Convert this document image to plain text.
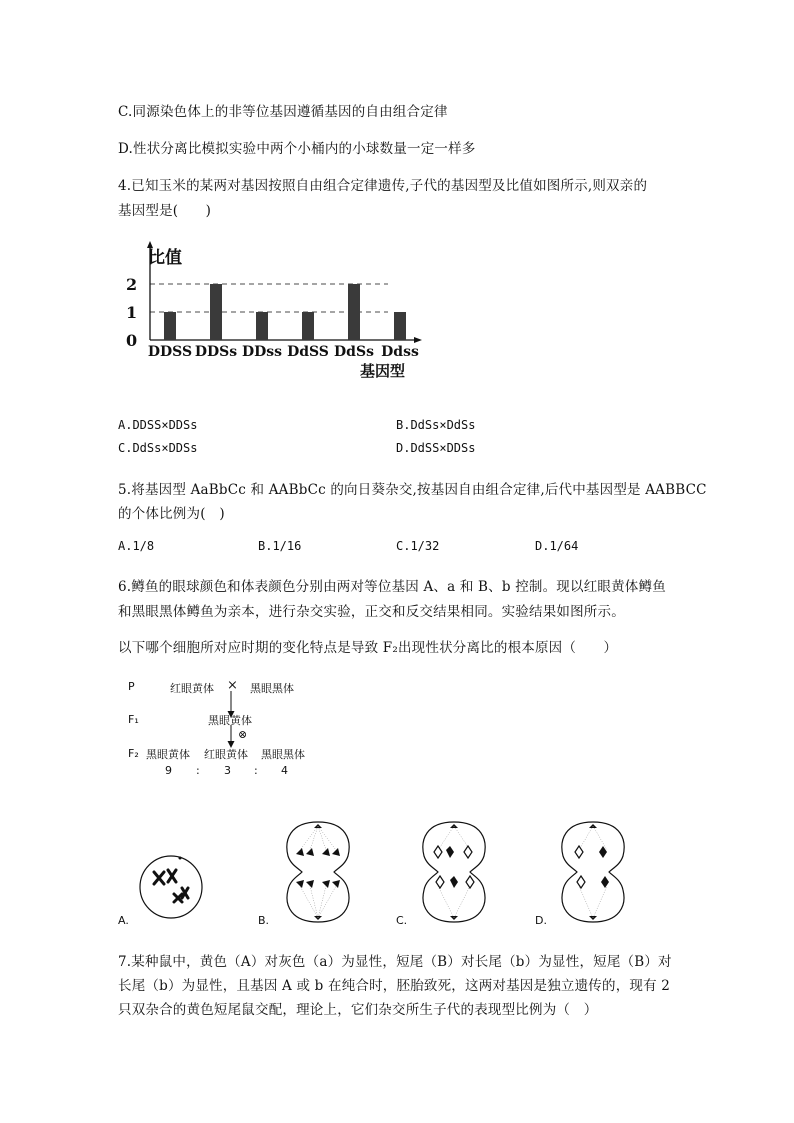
C.同源染色体上的非等位基因遵循基因的自由组合定律
D.性状分离比模拟实验中两个小桶内的小球数量一定一样多
4.已知玉米的某两对基因按照自由组合定律遗传,子代的基因型及比值如图所示,则双亲的
基因型是(　　)
比值
0
1
2
DDSS DDSs DDss DdSS DdSs Ddss
基因型
A.DDSS×DDSs	B.DdSs×DdSs
C.DdSs×DDSs	D.DdSS×DDSs
5.将基因型 AaBbCc 和 AABbCc 的向日葵杂交,按基因自由组合定律,后代中基因型是 AABBCC
的个体比例为(　)
A.1/8	B.1/16	C.1/32	D.1/64
6.鳟鱼的眼球颜色和体表颜色分别由两对等位基因 A、a 和 B、b 控制。现以红眼黄体鳟鱼
和黑眼黑体鳟鱼为亲本，进行杂交实验，正交和反交结果相同。实验结果如图所示。
以下哪个细胞所对应时期的变化特点是导致 F₂出现性状分离比的根本原因（　　）
P	红眼黄体 × 黑眼黑体
F₁	黑眼黄体
⊗
F₂ 黑眼黄体 红眼黄体 黑眼黑体
9 : 3 : 4
A.	B.	C.	D.
7.某种鼠中，黄色（A）对灰色（a）为显性，短尾（B）对长尾（b）为显性，短尾（B）对
长尾（b）为显性，且基因 A 或 b 在纯合时，胚胎致死，这两对基因是独立遗传的，现有 2
只双杂合的黄色短尾鼠交配，理论上，它们杂交所生子代的表现型比例为（　）
